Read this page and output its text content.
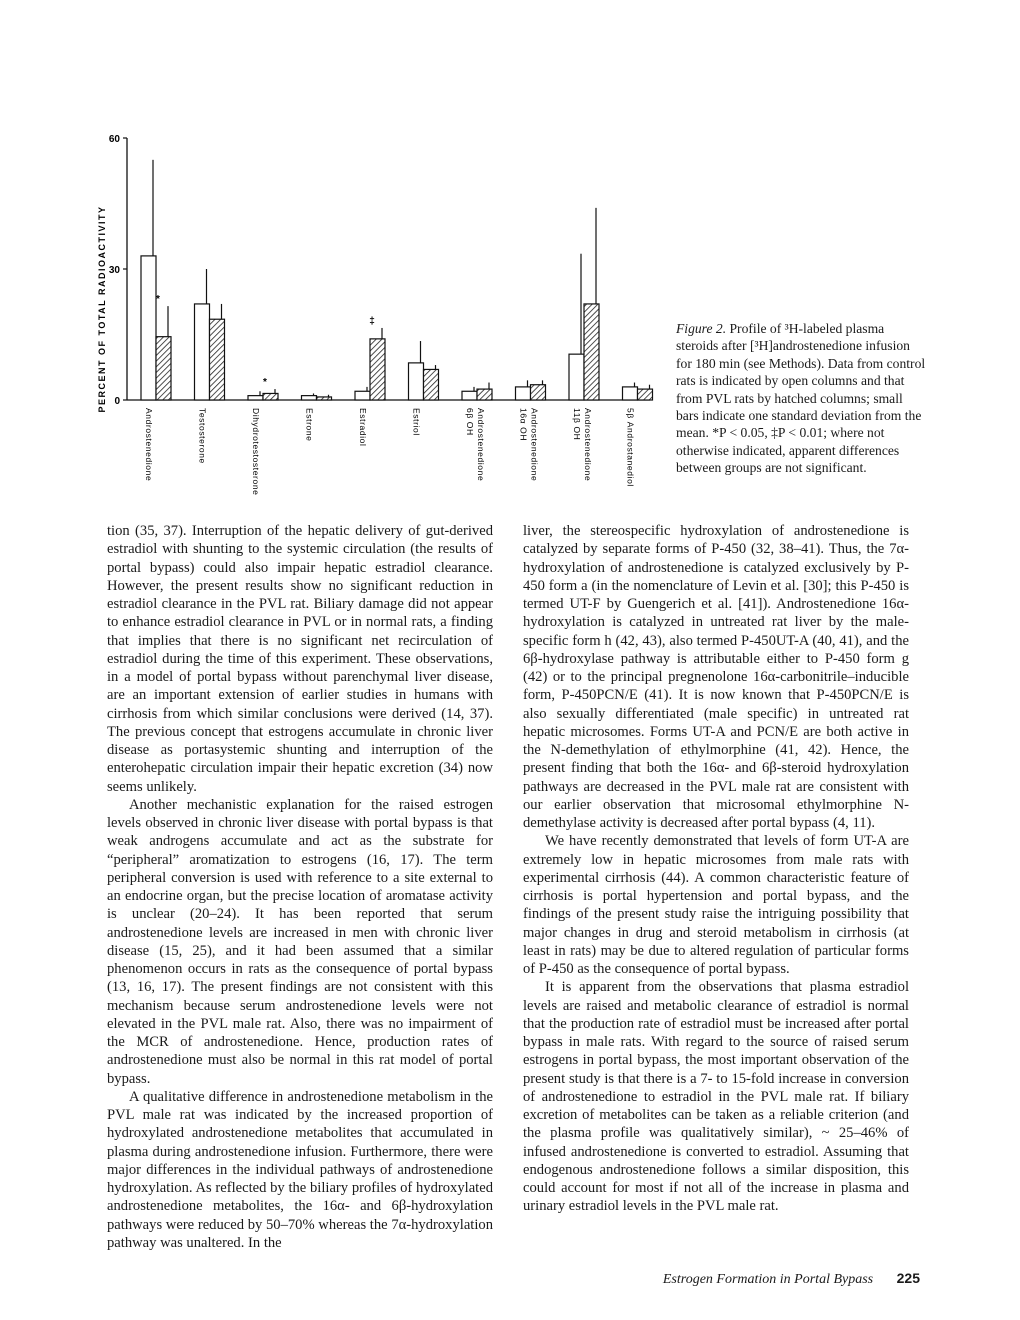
0
30
60
PERCENT OF TOTAL RADIOACTIVITY	*
Androstenedione	Testosterone
*
Dihydrotestosterone	Estrone
‡
Estradiol	Estriol	6β OH Androstenedione	16α OH Androstenedione	11β OH Androstenedione	5β Androstanediol
Figure 2. Profile of ³H-labeled plasma steroids after [³H]androstenedione infusion for 180 min (see Methods). Data from control rats is indicated by open columns and that from PVL rats by hatched columns; small bars indicate one standard deviation from the mean. *P < 0.05, ‡P < 0.01; where not otherwise indicated, apparent differences between groups are not significant.

tion (35, 37). Interruption of the hepatic delivery of gut-derived estradiol with shunting to the systemic circulation (the results of portal bypass) could also impair hepatic estradiol clearance. However, the present results show no significant reduction in estradiol clearance in the PVL rat. Biliary damage did not appear to enhance estradiol clearance in PVL or in normal rats, a finding that implies that there is no significant net recirculation of estradiol during the time of this experiment. These observations, in a model of portal bypass without parenchymal liver disease, are an important extension of earlier studies in humans with cirrhosis from which similar conclusions were derived (14, 37). The previous concept that estrogens accumulate in chronic liver disease as portasystemic shunting and interruption of the enterohepatic circulation impair their hepatic excretion (34) now seems unlikely.

Another mechanistic explanation for the raised estrogen levels observed in chronic liver disease with portal bypass is that weak androgens accumulate and act as the substrate for “peripheral” aromatization to estrogens (16, 17). The term peripheral conversion is used with reference to a site external to an endocrine organ, but the precise location of aromatase activity is unclear (20–24). It has been reported that serum androstenedione levels are increased in men with chronic liver disease (15, 25), and it had been assumed that a similar phenomenon occurs in rats as the consequence of portal bypass (13, 16, 17). The present findings are not consistent with this mechanism because serum androstenedione levels were not elevated in the PVL male rat. Also, there was no impairment of the MCR of androstenedione. Hence, production rates of androstenedione must also be normal in this rat model of portal bypass.

A qualitative difference in androstenedione metabolism in the PVL male rat was indicated by the increased proportion of hydroxylated androstenedione metabolites that accumulated in plasma during androstenedione infusion. Furthermore, there were major differences in the individual pathways of androstenedione hydroxylation. As reflected by the biliary profiles of hydroxylated androstenedione metabolites, the 16α- and 6β-hydroxylation pathways were reduced by 50–70% whereas the 7α-hydroxylation pathway was unaltered. In the

liver, the stereospecific hydroxylation of androstenedione is catalyzed by separate forms of P-450 (32, 38–41). Thus, the 7α-hydroxylation of androstenedione is catalyzed exclusively by P-450 form a (in the nomenclature of Levin et al. [30]; this P-450 is termed UT-F by Guengerich et al. [41]). Androstenedione 16α-hydroxylation is catalyzed in untreated rat liver by the male-specific form h (42, 43), also termed P-450UT-A (40, 41), and the 6β-hydroxylase pathway is attributable either to P-450 form g (42) or to the principal pregnenolone 16α-carbonitrile–inducible form, P-450PCN/E (41). It is now known that P-450PCN/E is also sexually differentiated (male specific) in untreated rat hepatic microsomes. Forms UT-A and PCN/E are both active in the N-demethylation of ethylmorphine (41, 42). Hence, the present finding that both the 16α- and 6β-steroid hydroxylation pathways are decreased in the PVL male rat are consistent with our earlier observation that microsomal ethylmorphine N-demethylase activity is decreased after portal bypass (4, 11).

We have recently demonstrated that levels of form UT-A are extremely low in hepatic microsomes from male rats with experimental cirrhosis (44). A common characteristic feature of cirrhosis is portal hypertension and portal bypass, and the findings of the present study raise the intriguing possibility that major changes in drug and steroid metabolism in cirrhosis (at least in rats) may be due to altered regulation of particular forms of P-450 as the consequence of portal bypass.

It is apparent from the observations that plasma estradiol levels are raised and metabolic clearance of estradiol is normal that the production rate of estradiol must be increased after portal bypass in male rats. With regard to the source of raised serum estrogens in portal bypass, the most important observation of the present study is that there is a 7- to 15-fold increase in conversion of androstenedione to estradiol in the PVL male rat. If biliary excretion of metabolites can be taken as a reliable criterion (and the plasma profile was qualitatively similar), ~ 25–46% of infused androstenedione is converted to estradiol. Assuming that endogenous androstenedione follows a similar disposition, this could account for most if not all of the increase in plasma and urinary estradiol levels in the PVL male rat.

Estrogen Formation in Portal Bypass 225
